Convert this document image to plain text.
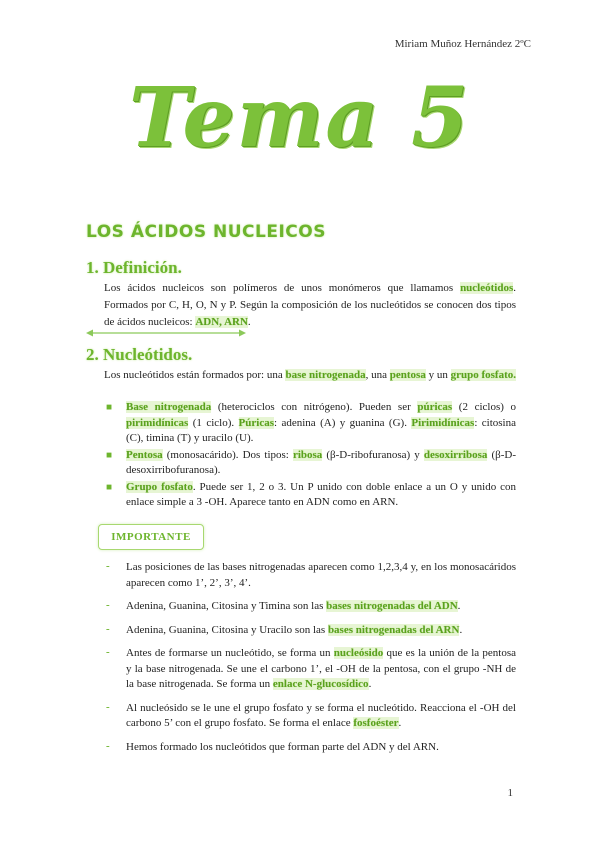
Miriam Muñoz Hernández 2ºC
Tema 5
LOS ÁCIDOS NUCLEICOS
1. Definición.
Los ácidos nucleicos son polímeros de unos monómeros que llamamos nucleótidos. Formados por C, H, O, N y P. Según la composición de los nucleótidos se conocen dos tipos de ácidos nucleicos: ADN, ARN.
2. Nucleótidos.
Los nucleótidos están formados por: una base nitrogenada, una pentosa y un grupo fosfato.
■ Base nitrogenada (heterociclos con nitrógeno). Pueden ser púricas (2 ciclos) o pirimidínicas (1 ciclo). Púricas: adenina (A) y guanina (G). Pirimidínicas: citosina (C), timina (T) y uracilo (U).
■ Pentosa (monosacárido). Dos tipos: ribosa (β-D-ribofuranosa) y desoxirribosa (β-D-desoxirribofuranosa).
■ Grupo fosfato. Puede ser 1, 2 o 3. Un P unido con doble enlace a un O y unido con enlace simple a 3 -OH. Aparece tanto en ADN como en ARN.
IMPORTANTE
- Las posiciones de las bases nitrogenadas aparecen como 1,2,3,4 y, en los monosacáridos aparecen como 1’, 2’, 3’, 4’.
- Adenina, Guanina, Citosina y Timina son las bases nitrogenadas del ADN.
- Adenina, Guanina, Citosina y Uracilo son las bases nitrogenadas del ARN.
- Antes de formarse un nucleótido, se forma un nucleósido que es la unión de la pentosa y la base nitrogenada. Se une el carbono 1’, el -OH de la pentosa, con el grupo -NH de la base nitrogenada. Se forma un enlace N-glucosídico.
- Al nucleósido se le une el grupo fosfato y se forma el nucleótido. Reacciona el -OH del carbono 5’ con el grupo fosfato. Se forma el enlace fosfoéster.
- Hemos formado los nucleótidos que forman parte del ADN y del ARN.
1
